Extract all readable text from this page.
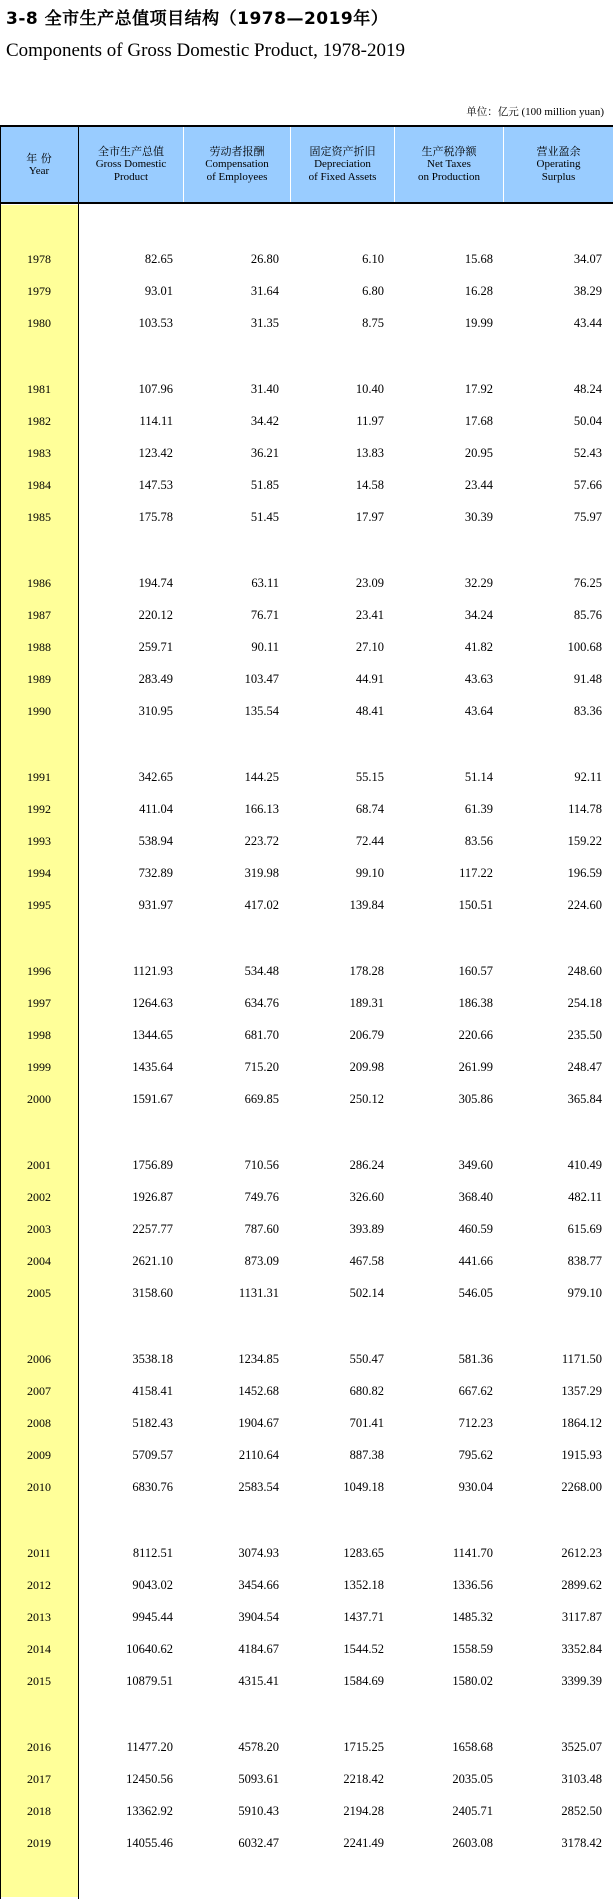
3-8 全市生产总值项目结构（1978—2019年）
Components of Gross Domestic Product, 1978-2019
单位：亿元 (100 million yuan)
年 份
Year
全市生产总值
Gross Domestic
Product
劳动者报酬
Compensation
of Employees
固定资产折旧
Depreciation
of Fixed Assets
生产税净额
Net Taxes
on Production
营业盈余
Operating
Surplus
1978	82.65	26.80	6.10	15.68	34.07
1979	93.01	31.64	6.80	16.28	38.29
1980	103.53	31.35	8.75	19.99	43.44
1981	107.96	31.40	10.40	17.92	48.24
1982	114.11	34.42	11.97	17.68	50.04
1983	123.42	36.21	13.83	20.95	52.43
1984	147.53	51.85	14.58	23.44	57.66
1985	175.78	51.45	17.97	30.39	75.97
1986	194.74	63.11	23.09	32.29	76.25
1987	220.12	76.71	23.41	34.24	85.76
1988	259.71	90.11	27.10	41.82	100.68
1989	283.49	103.47	44.91	43.63	91.48
1990	310.95	135.54	48.41	43.64	83.36
1991	342.65	144.25	55.15	51.14	92.11
1992	411.04	166.13	68.74	61.39	114.78
1993	538.94	223.72	72.44	83.56	159.22
1994	732.89	319.98	99.10	117.22	196.59
1995	931.97	417.02	139.84	150.51	224.60
1996	1121.93	534.48	178.28	160.57	248.60
1997	1264.63	634.76	189.31	186.38	254.18
1998	1344.65	681.70	206.79	220.66	235.50
1999	1435.64	715.20	209.98	261.99	248.47
2000	1591.67	669.85	250.12	305.86	365.84
2001	1756.89	710.56	286.24	349.60	410.49
2002	1926.87	749.76	326.60	368.40	482.11
2003	2257.77	787.60	393.89	460.59	615.69
2004	2621.10	873.09	467.58	441.66	838.77
2005	3158.60	1131.31	502.14	546.05	979.10
2006	3538.18	1234.85	550.47	581.36	1171.50
2007	4158.41	1452.68	680.82	667.62	1357.29
2008	5182.43	1904.67	701.41	712.23	1864.12
2009	5709.57	2110.64	887.38	795.62	1915.93
2010	6830.76	2583.54	1049.18	930.04	2268.00
2011	8112.51	3074.93	1283.65	1141.70	2612.23
2012	9043.02	3454.66	1352.18	1336.56	2899.62
2013	9945.44	3904.54	1437.71	1485.32	3117.87
2014	10640.62	4184.67	1544.52	1558.59	3352.84
2015	10879.51	4315.41	1584.69	1580.02	3399.39
2016	11477.20	4578.20	1715.25	1658.68	3525.07
2017	12450.56	5093.61	2218.42	2035.05	3103.48
2018	13362.92	5910.43	2194.28	2405.71	2852.50
2019	14055.46	6032.47	2241.49	2603.08	3178.42
